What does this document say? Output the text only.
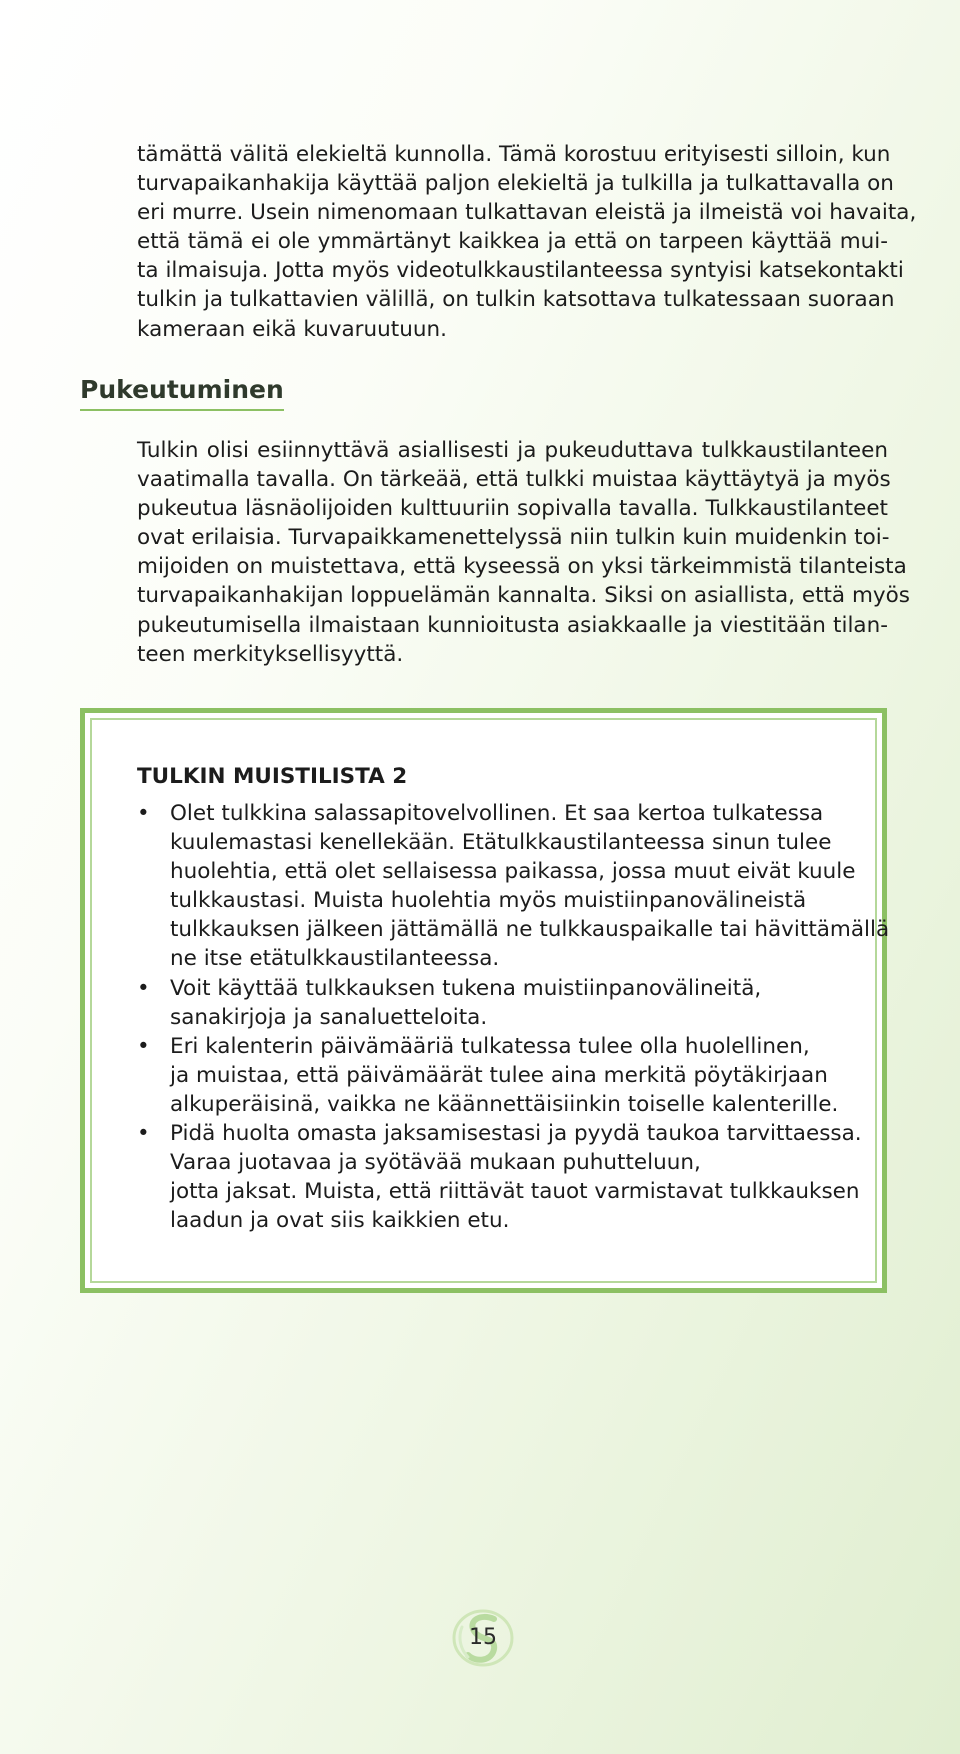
tämättä välitä elekieltä kunnolla. Tämä korostuu erityisesti silloin, kun
turvapaikanhakija käyttää paljon elekieltä ja tulkilla ja tulkattavalla on
eri murre. Usein nimenomaan tulkattavan eleistä ja ilmeistä voi havaita,
että tämä ei ole ymmärtänyt kaikkea ja että on tarpeen käyttää mui-
ta ilmaisuja. Jotta myös videotulkkaustilanteessa syntyisi katsekontakti
tulkin ja tulkattavien välillä, on tulkin katsottava tulkatessaan suoraan
kameraan eikä kuvaruutuun.

Pukeutuminen

Tulkin olisi esiinnyttävä asiallisesti ja pukeuduttava tulkkaustilanteen
vaatimalla tavalla. On tärkeää, että tulkki muistaa käyttäytyä ja myös
pukeutua läsnäolijoiden kulttuuriin sopivalla tavalla. Tulkkaustilanteet
ovat erilaisia. Turvapaikkamenettelyssä niin tulkin kuin muidenkin toi-
mijoiden on muistettava, että kyseessä on yksi tärkeimmistä tilanteista
turvapaikanhakijan loppuelämän kannalta. Siksi on asiallista, että myös
pukeutumisella ilmaistaan kunnioitusta asiakkaalle ja viestitään tilan-
teen merkityksellisyyttä.

TULKIN MUISTILISTA 2
• Olet tulkkina salassapitovelvollinen. Et saa kertoa tulkatessa
kuulemastasi kenellekään. Etätulkkaustilanteessa sinun tulee
huolehtia, että olet sellaisessa paikassa, jossa muut eivät kuule
tulkkaustasi. Muista huolehtia myös muistiinpanovälineistä
tulkkauksen jälkeen jättämällä ne tulkkauspaikalle tai hävittämällä
ne itse etätulkkaustilanteessa.
• Voit käyttää tulkkauksen tukena muistiinpanovälineitä,
sanakirjoja ja sanaluetteloita.
• Eri kalenterin päivämääriä tulkatessa tulee olla huolellinen,
ja muistaa, että päivämäärät tulee aina merkitä pöytäkirjaan
alkuperäisinä, vaikka ne käännettäisiinkin toiselle kalenterille.
• Pidä huolta omasta jaksamisestasi ja pyydä taukoa tarvittaessa.
Varaa juotavaa ja syötävää mukaan puhutteluun,
jotta jaksat. Muista, että riittävät tauot varmistavat tulkkauksen
laadun ja ovat siis kaikkien etu.
15
